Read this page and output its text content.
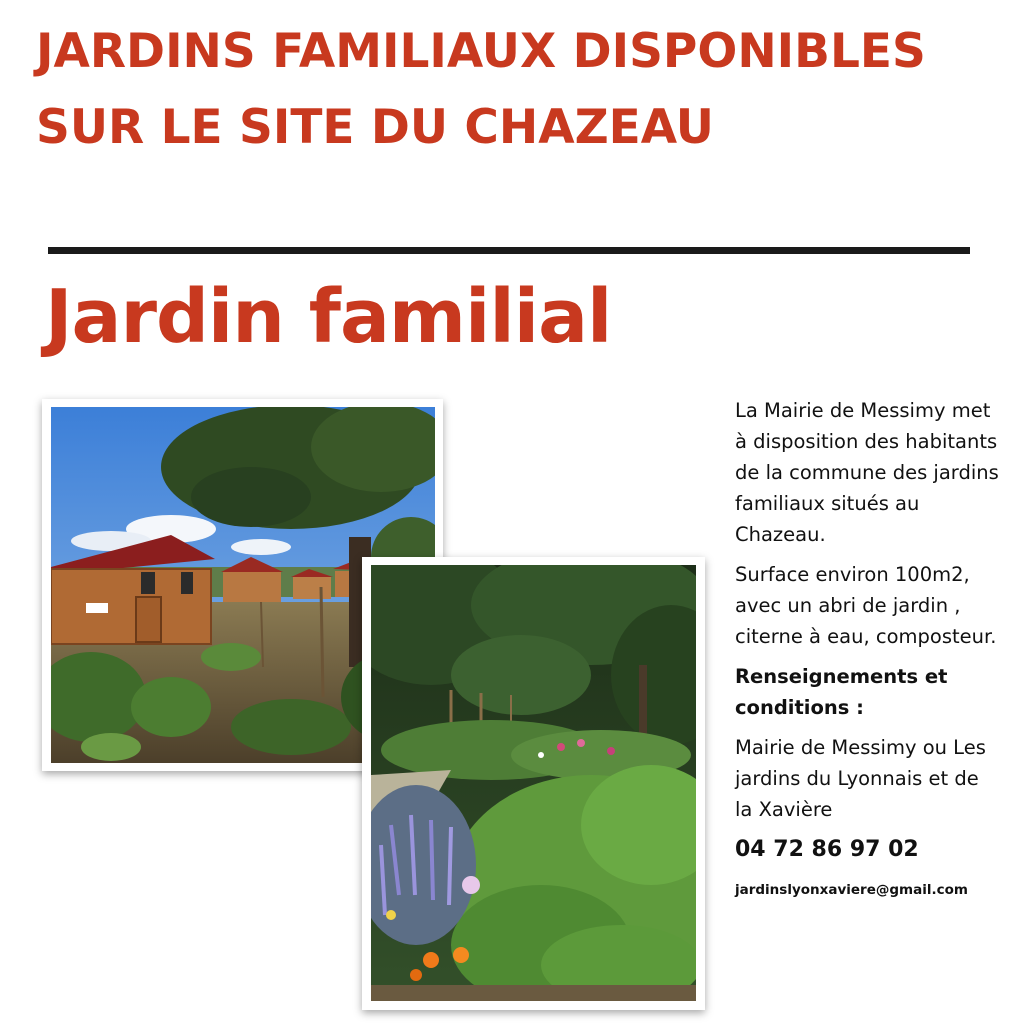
JARDINS FAMILIAUX DISPONIBLES
SUR LE SITE DU CHAZEAU
Jardin familial

La Mairie de Messimy met à disposition des habitants de la commune des jardins familiaux situés au Chazeau.

Surface environ 100m2, avec un abri de jardin , citerne à eau, composteur.

Renseignements et conditions :

Mairie de Messimy ou Les jardins du Lyonnais et de la Xavière

04 72 86 97 02

jardinslyonxaviere@gmail.com
